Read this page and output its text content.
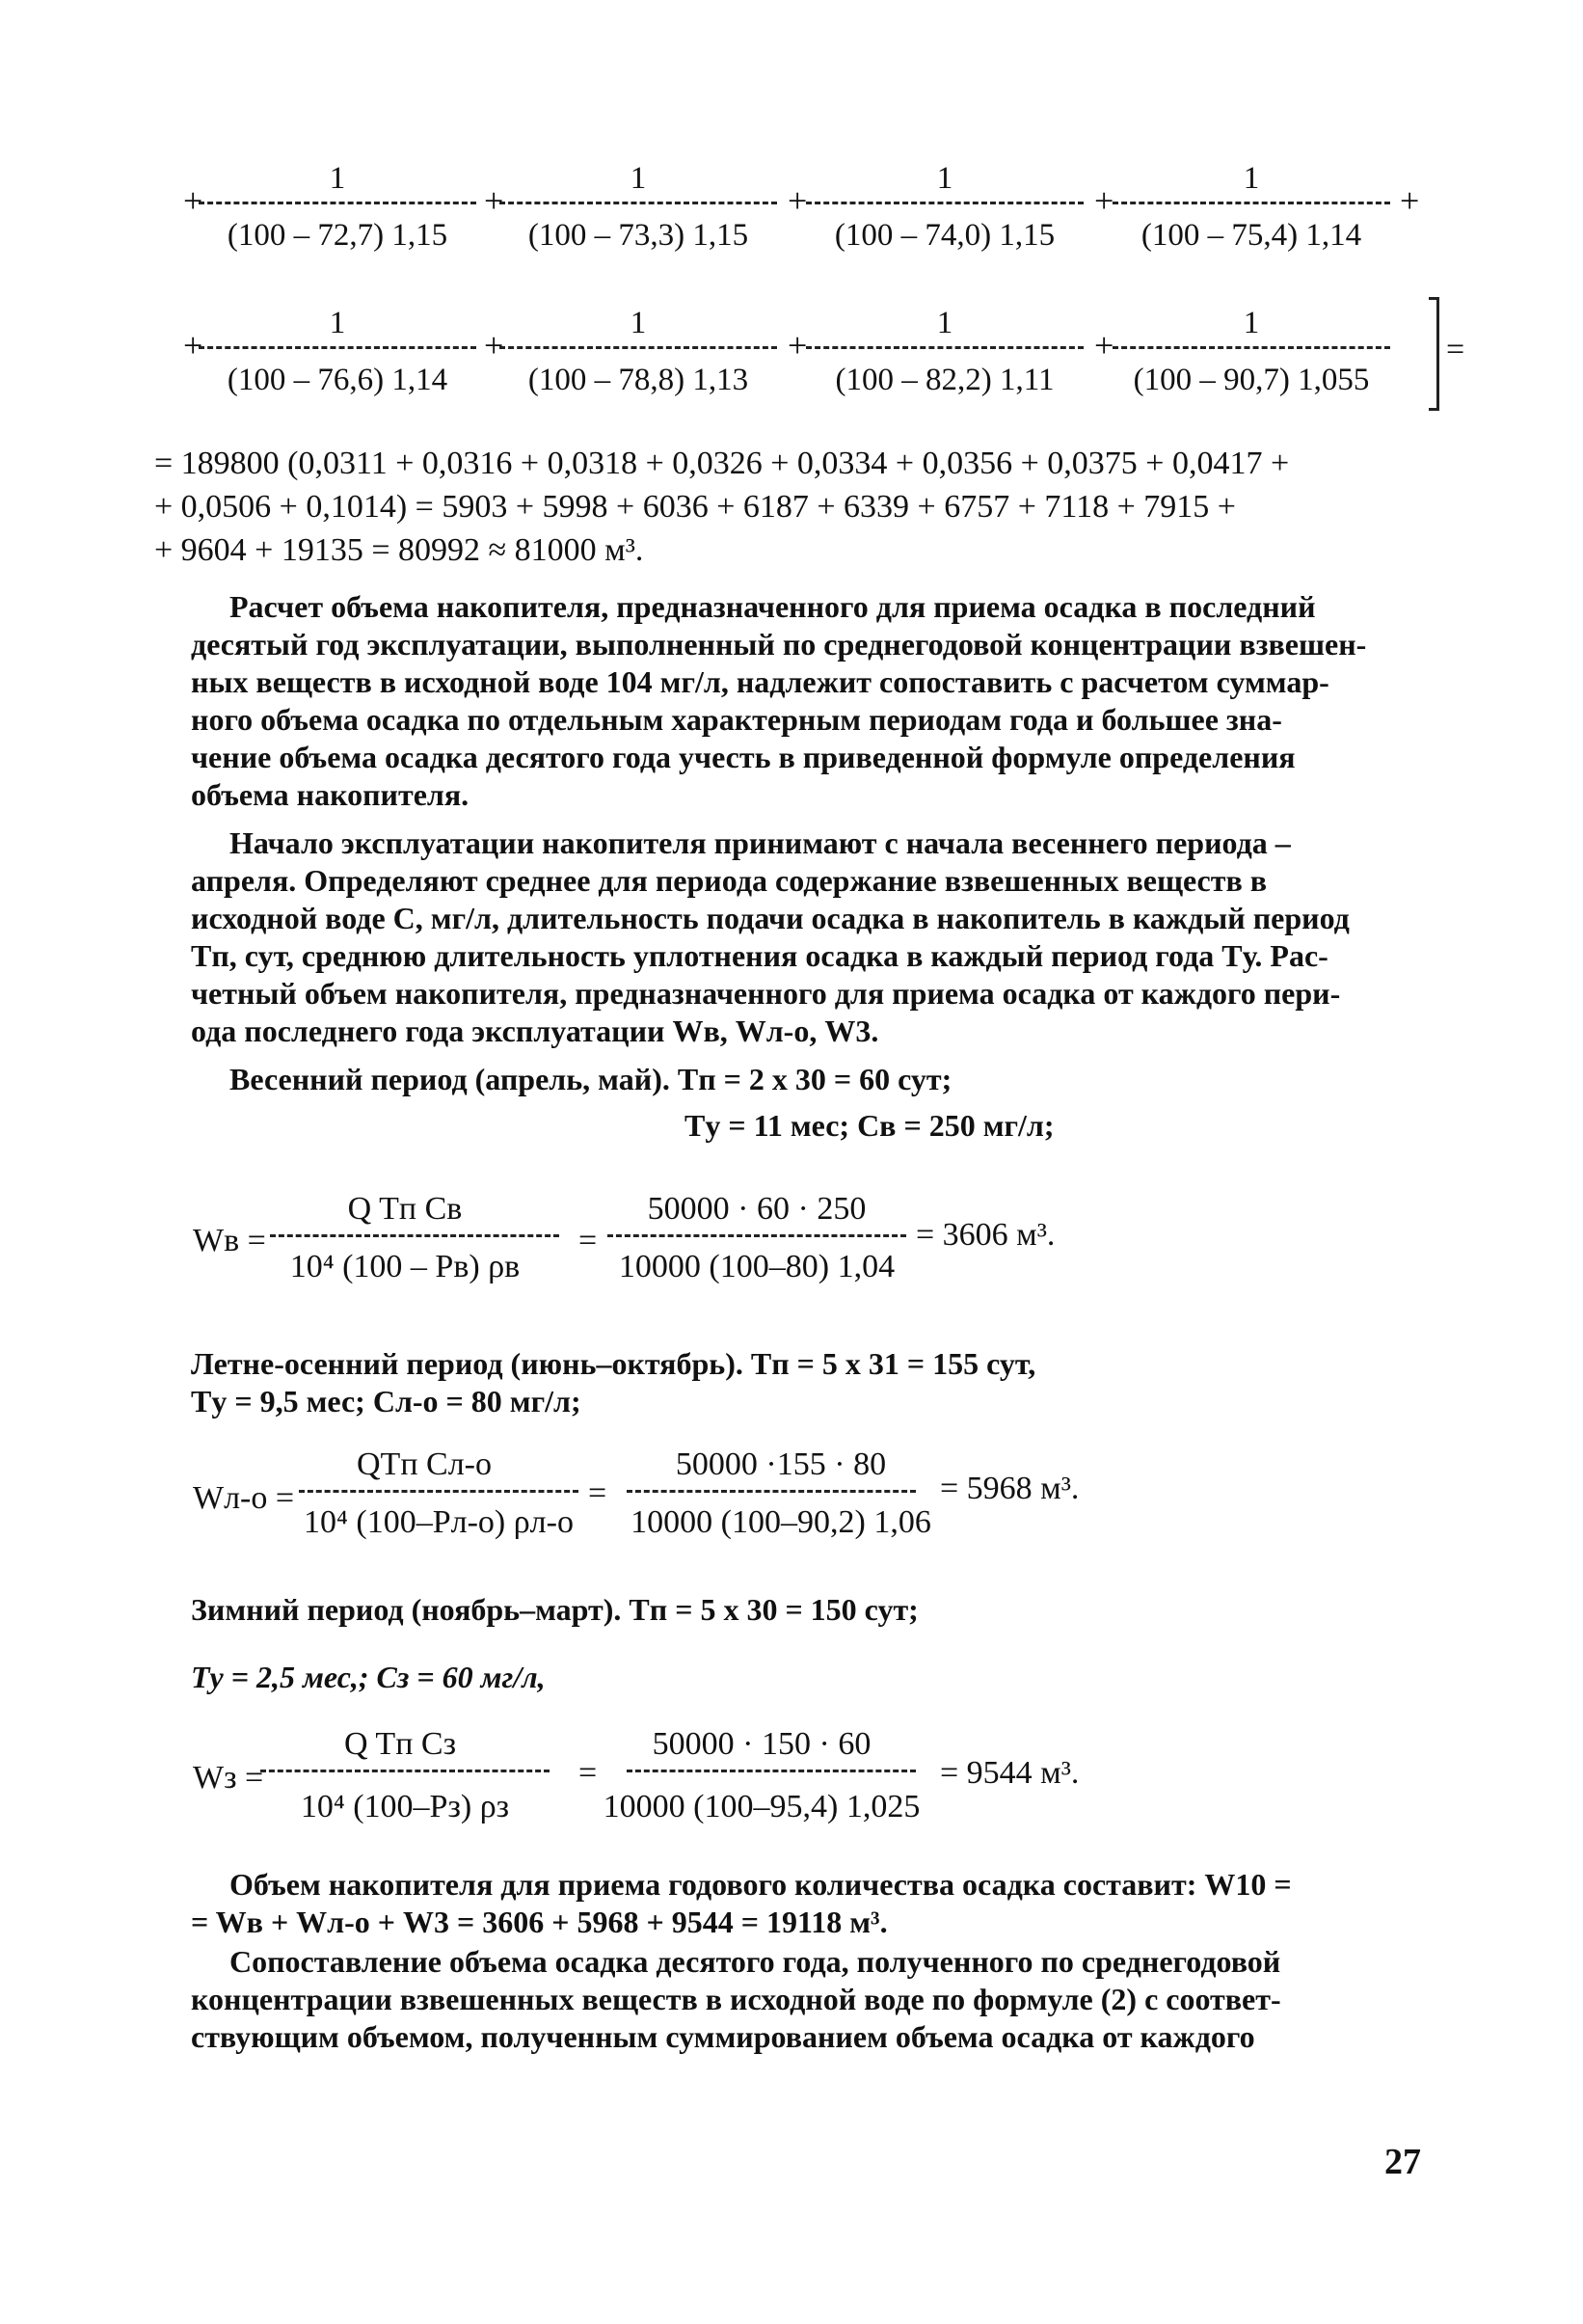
+
1
(100 – 72,7) 1,15
+
1
(100 – 73,3) 1,15
+
1
(100 – 74,0) 1,15
+
1
(100 – 75,4) 1,14
+
+
1
(100 – 76,6) 1,14
+
1
(100 – 78,8) 1,13
+
1
(100 – 82,2) 1,11
+
1
(100 – 90,7) 1,055
=
= 189800 (0,0311 + 0,0316 + 0,0318 + 0,0326 + 0,0334 + 0,0356 + 0,0375 + 0,0417 +
+ 0,0506 + 0,1014) = 5903 + 5998 + 6036 + 6187 + 6339 + 6757 + 7118 + 7915 +
+ 9604 + 19135 = 80992 ≈ 81000 м³.
Расчет объема накопителя, предназначенного для приема осадка в последний
десятый год эксплуатации, выполненный по среднегодовой концентрации взвешен-
ных веществ в исходной воде 104 мг/л, надлежит сопоставить с расчетом суммар-
ного объема осадка по отдельным характерным периодам года и большее зна-
чение объема осадка десятого года учесть в приведенной формуле определения
объема накопителя.
Начало эксплуатации накопителя принимают с начала весеннего периода –
апреля. Определяют среднее для периода содержание взвешенных веществ в
исходной воде C, мг/л, длительность подачи осадка в накопитель в каждый период
Tп, сут, среднюю длительность уплотнения осадка в каждый период года Tу. Рас-
четный объем накопителя, предназначенного для приема осадка от каждого пери-
ода последнего года эксплуатации Wв, Wл-о, W3.
Весенний период (апрель, май). Tп = 2 x 30 = 60 сут;
Tу = 11 мес; Cв = 250 мг/л;
Wв =
Q Tп Cв
10⁴ (100 – Pв) ρв
=
50000 · 60 · 250
10000 (100–80) 1,04
= 3606 м³.
Летне-осенний период (июнь–октябрь). Tп = 5 x 31 = 155 сут,
Tу = 9,5 мес; Cл-о = 80 мг/л;
Wл-о =
QTп Cл-о
10⁴ (100–Pл-о) ρл-о
=
50000 ·155 · 80
10000 (100–90,2) 1,06
= 5968 м³.
Зимний период (ноябрь–март). Tп = 5 x 30 = 150 сут;
Tу = 2,5 мес,; Cз = 60 мг/л,
Wз =
Q Tп Cз
10⁴ (100–Pз) ρз
=
50000 · 150 · 60
10000 (100–95,4) 1,025
= 9544 м³.
Объем накопителя для приема годового количества осадка составит: W10 =
= Wв + Wл-о + W3 = 3606 + 5968 + 9544 = 19118 м³.
Сопоставление объема осадка десятого года, полученного по среднегодовой
концентрации взвешенных веществ в исходной воде по формуле (2) с соответ-
ствующим объемом, полученным суммированием объема осадка от каждого
27
